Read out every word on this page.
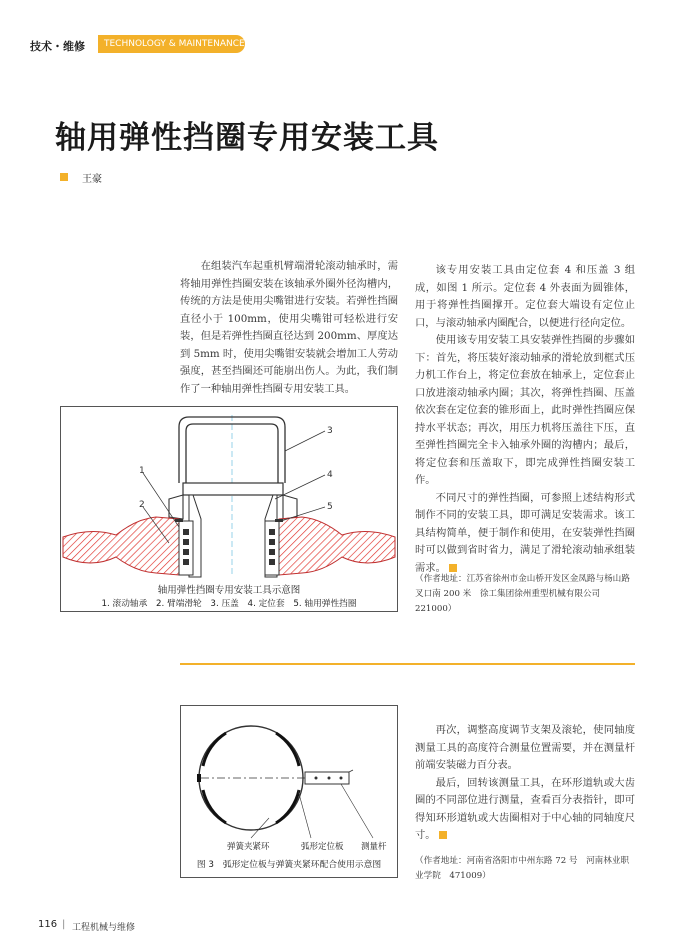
技术・维修	TECHNOLOGY & MAINTENANCE
轴用弹性挡圈专用安装工具
王豪

在组装汽车起重机臂端滑轮滚动轴承时，需将轴用弹性挡圈安装在该轴承外圈外径沟槽内，传统的方法是使用尖嘴钳进行安装。若弹性挡圈直径小于 100mm，使用尖嘴钳可轻松进行安装，但是若弹性挡圈直径达到 200mm、厚度达到 5mm 时，使用尖嘴钳安装就会增加工人劳动强度，甚至挡圈还可能崩出伤人。为此，我们制作了一种轴用弹性挡圈专用安装工具。

该专用安装工具由定位套 4 和压盖 3 组成，如图 1 所示。定位套 4 外表面为圆锥体，用于将弹性挡圈撑开。定位套大端设有定位止口，与滚动轴承内圈配合，以便进行径向定位。

使用该专用安装工具安装弹性挡圈的步骤如下：首先，将压装好滚动轴承的滑轮放到框式压力机工作台上，将定位套放在轴承上，定位套止口放进滚动轴承内圈；其次，将弹性挡圈、压盖依次套在定位套的锥形面上，此时弹性挡圈应保持水平状态；再次，用压力机将压盖往下压，直至弹性挡圈完全卡入轴承外圈的沟槽内；最后，将定位套和压盖取下，即完成弹性挡圈安装工作。

不同尺寸的弹性挡圈，可参照上述结构形式制作不同的安装工具，即可满足安装需求。该工具结构简单，便于制作和使用，在安装弹性挡圈时可以做到省时省力，满足了滑轮滚动轴承组装需求。

（作者地址：江苏省徐州市金山桥开发区金凤路与杨山路叉口南 200 米　徐工集团徐州重型机械有限公司 221000）
1
2
3
4
5
轴用弹性挡圈专用安装工具示意图
1. 滚动轴承　2. 臂端滑轮　3. 压盖　4. 定位套　5. 轴用弹性挡圈
弹簧夹紧环	弧形定位板 测量杆
图 3　弧形定位板与弹簧夹紧环配合使用示意图

再次，调整高度调节支架及滚轮，使同轴度测量工具的高度符合测量位置需要，并在测量杆前端安装磁力百分表。

最后，回转该测量工具，在环形道轨或大齿圈的不同部位进行测量，查看百分表指针，即可得知环形道轨或大齿圈相对于中心轴的同轴度尺寸。

（作者地址：河南省洛阳市中州东路 72 号　河南林业职业学院　471009）
116 | 工程机械与维修
